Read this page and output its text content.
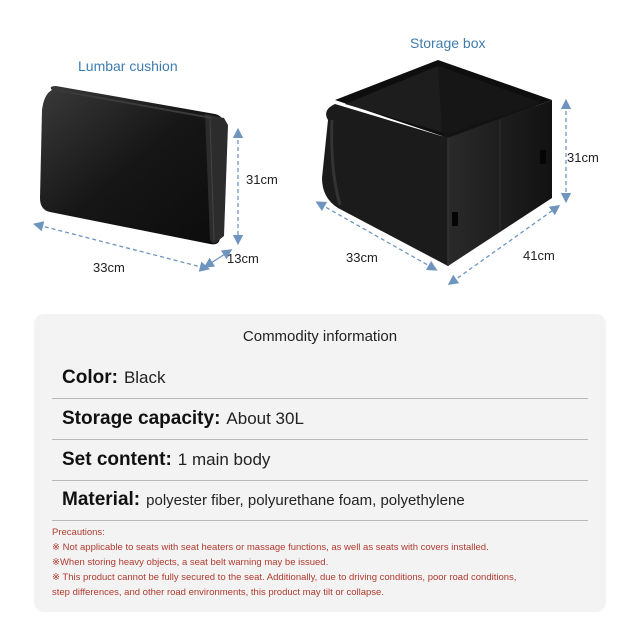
Lumbar cushion
Storage box
33cm
31cm
13cm	33cm
31cm
41cm
Commodity information
Color: Black
Storage capacity: About 30L
Set content: 1 main body
Material: polyester fiber, polyurethane foam, polyethylene
Precautions:
※ Not applicable to seats with seat heaters or massage functions, as well as seats with covers installed.
※When storing heavy objects, a seat belt warning may be issued.
※ This product cannot be fully secured to the seat. Additionally, due to driving conditions, poor road conditions,
step differences, and other road environments, this product may tilt or collapse.
